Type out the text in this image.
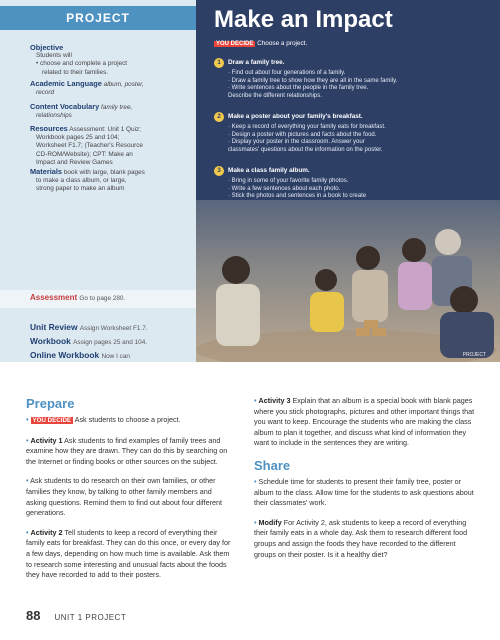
PROJECT
Objective
Students will
• choose and complete a project
related to their families.
Academic Language album, poster,
record
Content Vocabulary family tree,
relationships
Resources Assessment: Unit 1 Quiz;
Workbook pages 25 and 104;
Worksheet F1.7; (Teacher's Resource
CD-ROM/Website); CPT: Make an
Impact and Review Games
Materials book with large, blank pages
to make a class album, or large,
strong paper to make an album
Assessment Go to page 280.
Unit Review Assign Worksheet F1.7.
Workbook Assign pages 25 and 104.
Online Workbook Now I can
Make an Impact
YOU DECIDE Choose a project.
1	Draw a family tree.
· Find out about four generations of a family.
· Draw a family tree to show how they are all in the same family.
· Write sentences about the people in the family tree.
Describe the different relationships.
2	Make a poster about your family's breakfast.
· Keep a record of everything your family eats for breakfast.
· Design a poster with pictures and facts about the food.
· Display your poster in the classroom. Answer your
classmates' questions about the information on the poster.
3	Make a class family album.
· Bring in some of your favorite family photos.
· Write a few sentences about each photo.
· Stick the photos and sentences in a book to create
PROJECT
Prepare
• YOU DECIDE Ask students to choose a project.
• Activity 1 Ask students to find examples of family trees and examine how they are drawn. They can do this by searching on the Internet or finding books or other sources on the subject.
• Ask students to do research on their own families, or other families they know, by talking to other family members and asking questions. Remind them to find out about four different generations.
• Activity 2 Tell students to keep a record of everything their family eats for breakfast. They can do this once, or every day for a few days, depending on how much time is available. Ask them to research some interesting and unusual facts about the foods they have recorded to add to their posters.
• Activity 3 Explain that an album is a special book with blank pages where you stick photographs, pictures and other important things that you want to keep. Encourage the students who are making the class album to plan it together, and discuss what kind of information they want to include in the sentences they are writing.
Share
• Schedule time for students to present their family tree, poster or album to the class. Allow time for the students to ask questions about their classmates' work.
• Modify For Activity 2, ask students to keep a record of everything their family eats in a whole day. Ask them to research different food groups and assign the foods they have recorded to the different groups on their poster. Is it a healthy diet?
88 UNIT 1 PROJECT
